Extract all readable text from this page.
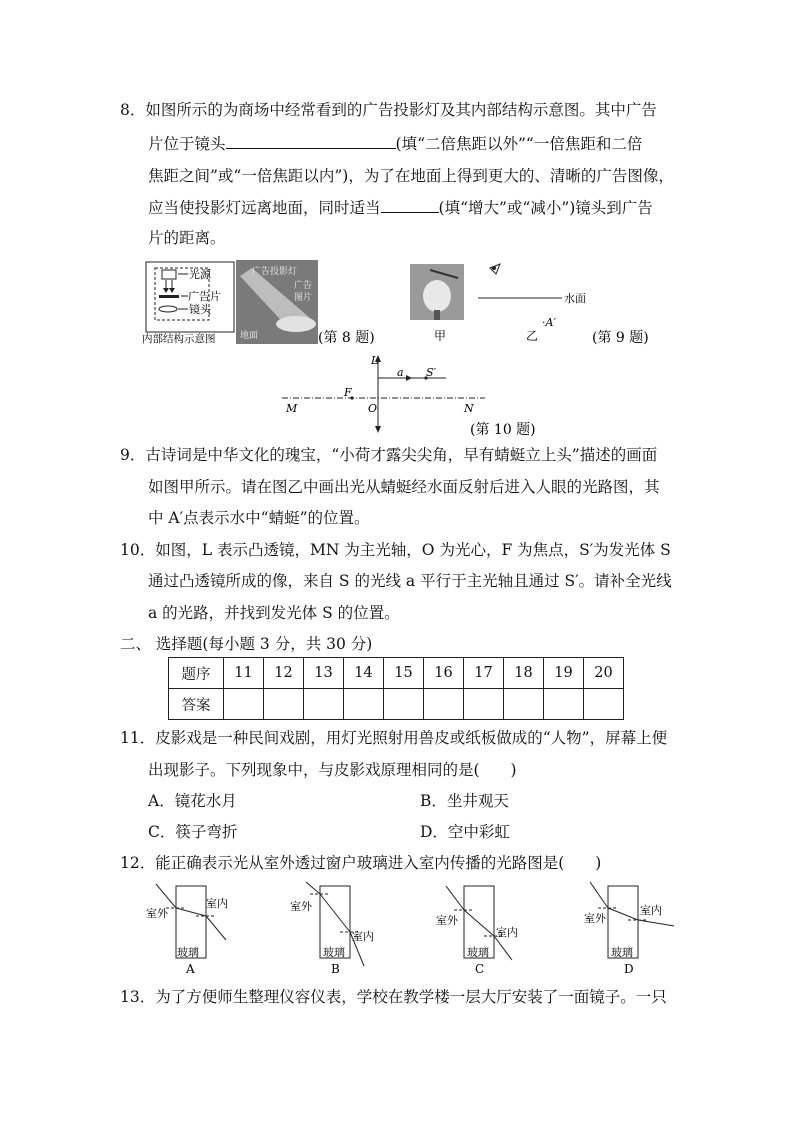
8．如图所示的为商场中经常看到的广告投影灯及其内部结构示意图。其中广告
片位于镜头	(填“二倍焦距以外”“一倍焦距和二倍
焦距之间”或“一倍焦距以内”)，为了在地面上得到更大的、清晰的广告图像，
应当使投影灯远离地面，同时适当	(填“增大”或“减小”)镜头到广告
片的距离。
光源
广告片
镜头
内部结构示意图
广告投影灯
广告
图片
地面	(第 8 题)	甲
水面
·A′
乙	(第 9 题)
L
a S′
F
O
M	N
(第 10 题)
9．古诗词是中华文化的瑰宝，“小荷才露尖尖角，早有蜻蜓立上头”描述的画面
如图甲所示。请在图乙中画出光从蜻蜓经水面反射后进入人眼的光路图，其
中 A′点表示水中“蜻蜓”的位置。
10．如图，L 表示凸透镜，MN 为主光轴，O 为光心，F 为焦点，S′为发光体 S
通过凸透镜所成的像，来自 S 的光线 a 平行于主光轴且通过 S′。请补全光线
a 的光路，并找到发光体 S 的位置。
二、 选择题(每小题 3 分，共 30 分)
题序	11	12	13	14	15	16	17	18	19	20
答案										
11．皮影戏是一种民间戏剧，用灯光照射用兽皮或纸板做成的“人物”，屏幕上便
出现影子。下列现象中，与皮影戏原理相同的是(　　)
A．镜花水月	B．坐井观天
C．筷子弯折	D．空中彩虹
12．能正确表示光从室外透过窗户玻璃进入室内传播的光路图是(　　)
室外
室内
玻璃
A
室外
室内
玻璃
B
室外
室内
玻璃
C
室外
室内
玻璃
D
13．为了方便师生整理仪容仪表，学校在教学楼一层大厅安装了一面镜子。一只
